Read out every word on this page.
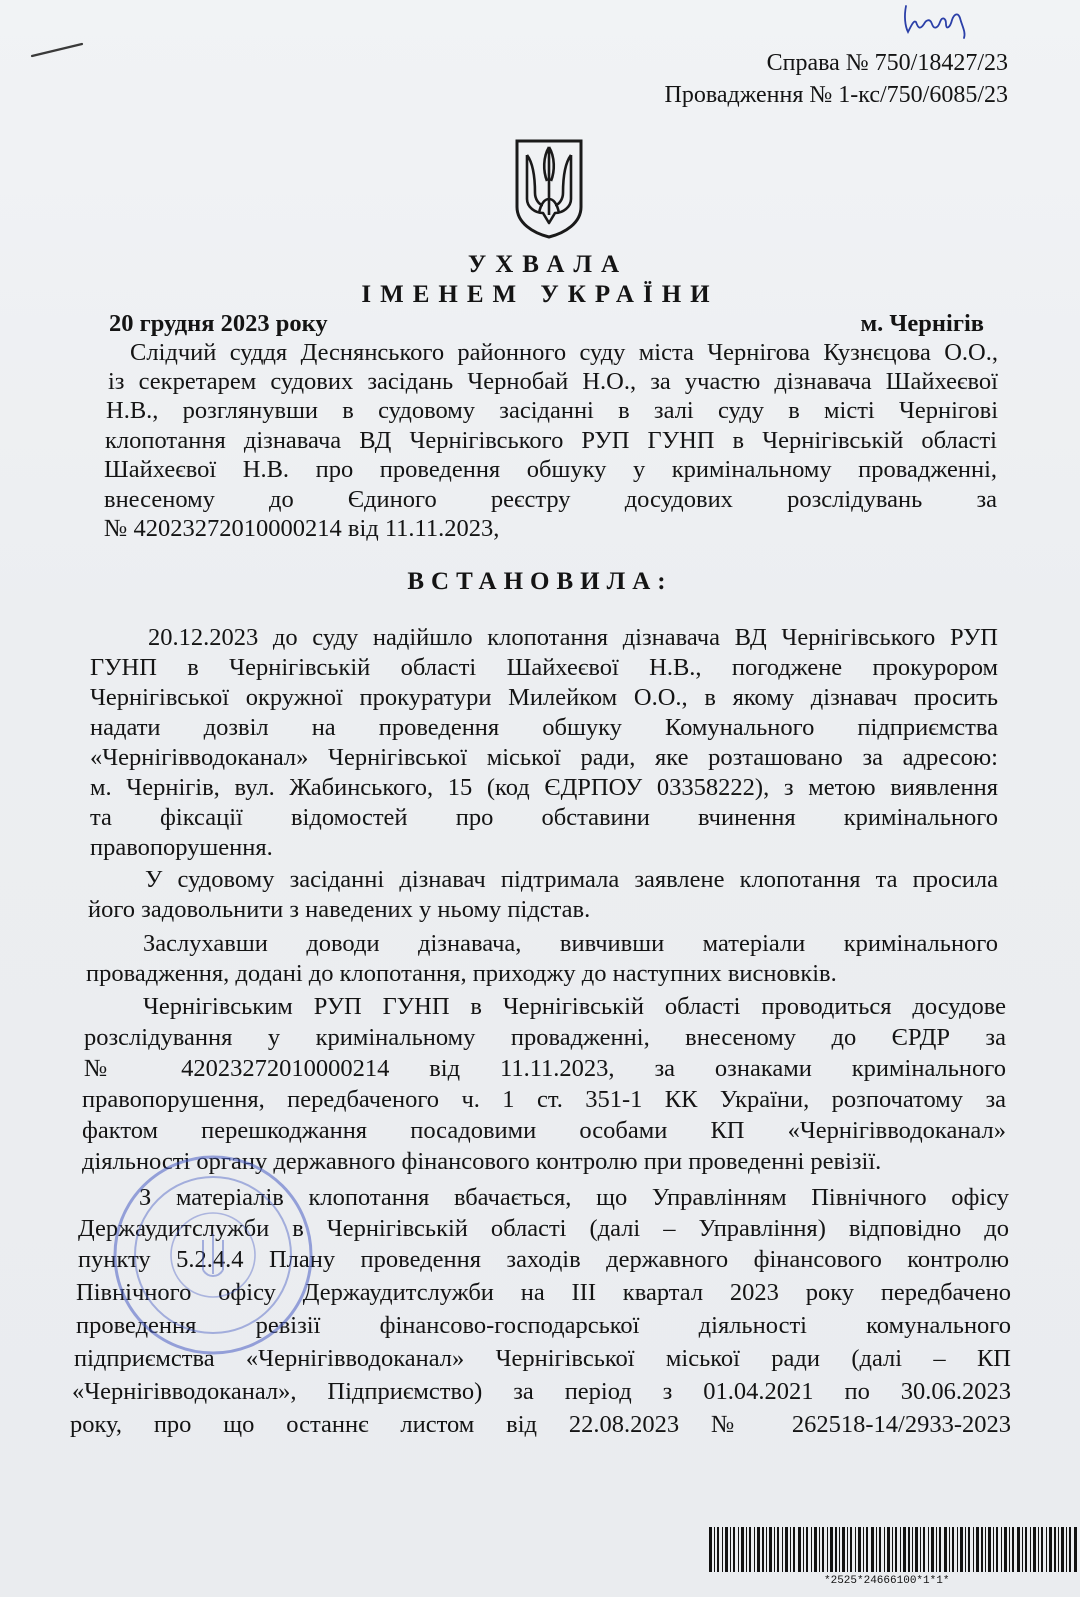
Справа № 750/18427/23
Провадження № 1-кс/750/6085/23
УХВАЛА
ІМЕНЕМ УКРАЇНИ
20 грудня 2023 року	м. Чернігів
Слідчий суддя Деснянського районного суду міста Чернігова Кузнєцова О.О.,
із секретарем судових засідань Чернобай Н.О., за участю дізнавача Шайхеєвої
Н.В., розглянувши в судовому засіданні в залі суду в місті Чернігові
клопотання дізнавача ВД Чернігівського РУП ГУНП в Чернігівській області
Шайхеєвої Н.В. про проведення обшуку у кримінальному провадженні,
внесеному до Єдиного реєстру досудових розслідувань за
№ 42023272010000214 від 11.11.2023,
ВСТАНОВИЛА:
20.12.2023 до суду надійшло клопотання дізнавача ВД Чернігівського РУП
ГУНП в Чернігівській області Шайхеєвої Н.В., погоджене прокурором
Чернігівської окружної прокуратури Милейком О.О., в якому дізнавач просить
надати дозвіл на проведення обшуку Комунального підприємства
«Чернігівводоканал» Чернігівської міської ради, яке розташовано за адресою:
м. Чернігів, вул. Жабинського, 15 (код ЄДРПОУ 03358222), з метою виявлення
та фіксації відомостей про обставини вчинення кримінального
правопорушення.
У судовому засіданні дізнавач підтримала заявлене клопотання та просила
його задовольнити з наведених у ньому підстав.
Заслухавши доводи дізнавача, вивчивши матеріали кримінального
провадження, додані до клопотання, приходжу до наступних висновків.
Чернігівським РУП ГУНП в Чернігівській області проводиться досудове
розслідування у кримінальному провадженні, внесеному до ЄРДР за
№ 42023272010000214 від 11.11.2023, за ознаками кримінального
правопорушення, передбаченого ч. 1 ст. 351-1 КК України, розпочатому за
фактом перешкоджання посадовими особами КП «Чернігівводоканал»
діяльності органу державного фінансового контролю при проведенні ревізії.
З матеріалів клопотання вбачається, що Управлінням Північного офісу
Держаудитслужби в Чернігівській області (далі – Управління) відповідно до
пункту 5.2.4.4 Плану проведення заходів державного фінансового контролю
Північного офісу Держаудитслужби на ІІІ квартал 2023 року передбачено
проведення ревізії фінансово-господарської діяльності комунального
підприємства «Чернігівводоканал» Чернігівської міської ради (далі – КП
«Чернігівводоканал», Підприємство) за період з 01.04.2021 по 30.06.2023
року, про що останнє листом від 22.08.2023 № 262518-14/2933-2023
*2525*24666100*1*1*
